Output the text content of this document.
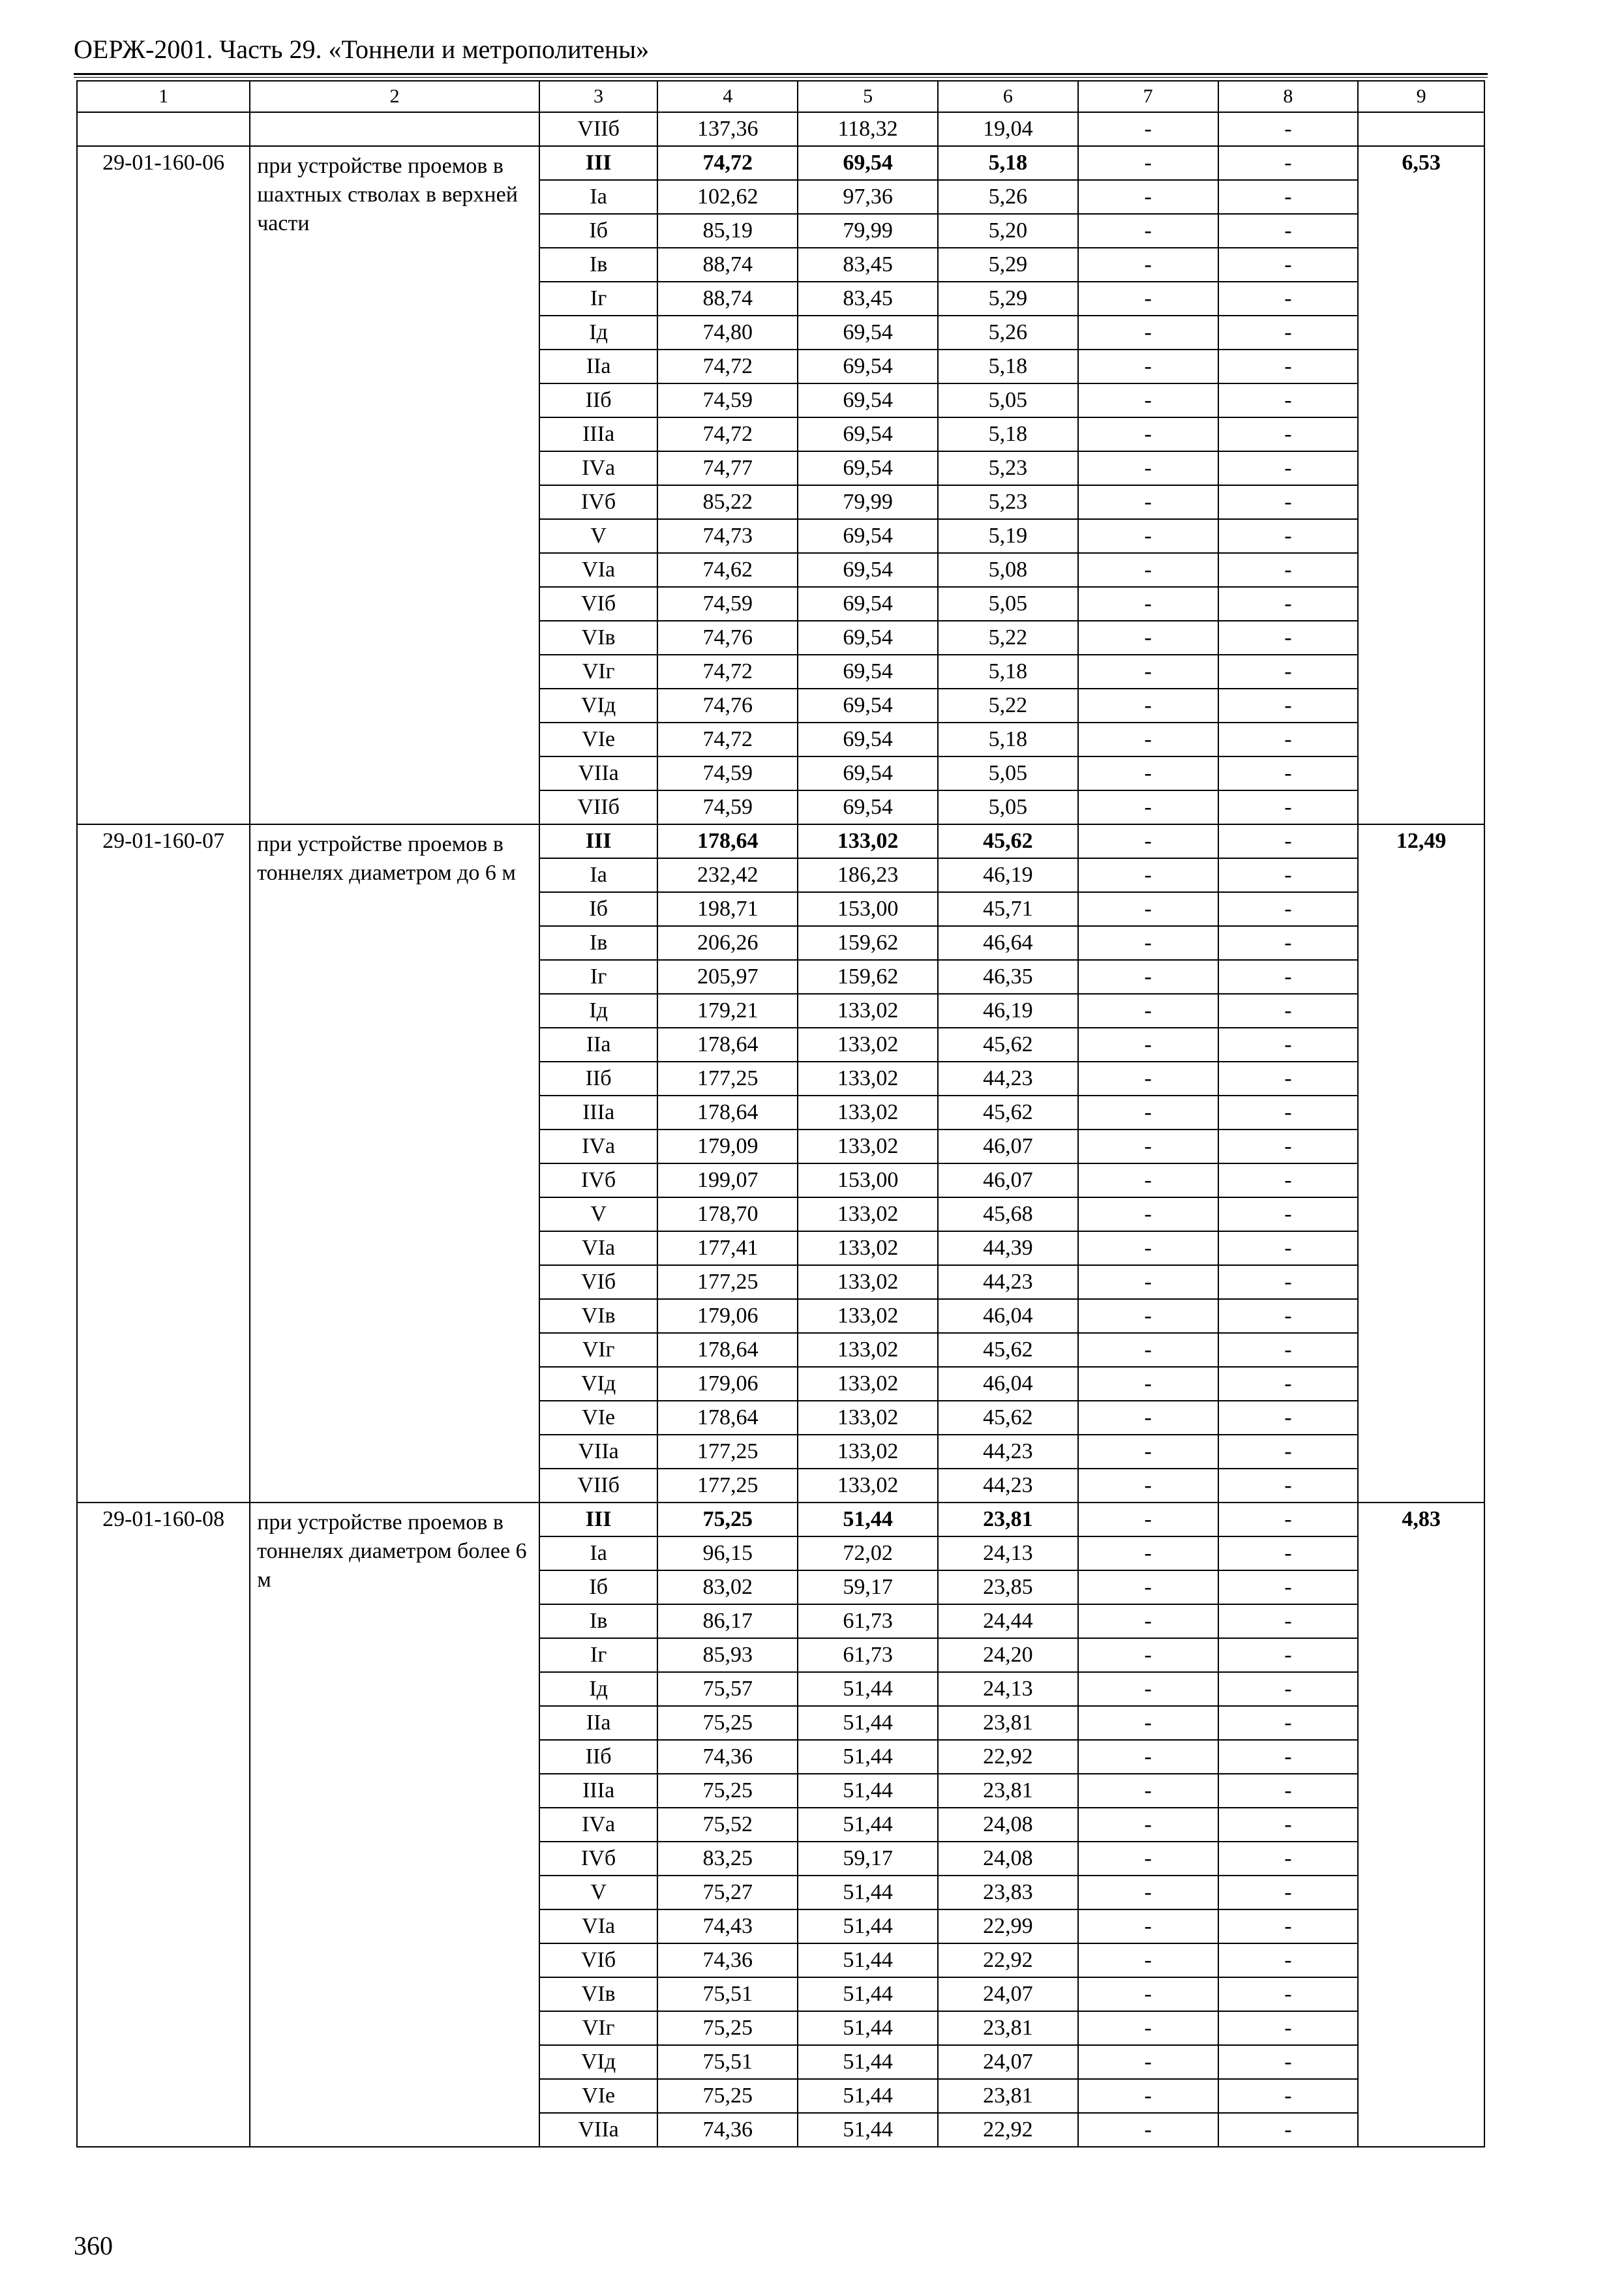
ОЕРЖ-2001. Часть 29. «Тоннели и метрополитены»
1	2	3	4	5	6	7	8	9
		VIIб	137,36	118,32	19,04	-	-	
29-01-160-06	при устройстве проемов в шахтных стволах в верхней части	III	74,72	69,54	5,18	-	-	6,53
		Iа	102,62	97,36	5,26	-	-	
		Iб	85,19	79,99	5,20	-	-	
		Iв	88,74	83,45	5,29	-	-	
		Iг	88,74	83,45	5,29	-	-	
		Iд	74,80	69,54	5,26	-	-	
		IIа	74,72	69,54	5,18	-	-	
		IIб	74,59	69,54	5,05	-	-	
		IIIа	74,72	69,54	5,18	-	-	
		IVа	74,77	69,54	5,23	-	-	
		IVб	85,22	79,99	5,23	-	-	
		V	74,73	69,54	5,19	-	-	
		VIа	74,62	69,54	5,08	-	-	
		VIб	74,59	69,54	5,05	-	-	
		VIв	74,76	69,54	5,22	-	-	
		VIг	74,72	69,54	5,18	-	-	
		VIд	74,76	69,54	5,22	-	-	
		VIе	74,72	69,54	5,18	-	-	
		VIIа	74,59	69,54	5,05	-	-	
		VIIб	74,59	69,54	5,05	-	-	
29-01-160-07	при устройстве проемов в тоннелях диаметром до 6 м	III	178,64	133,02	45,62	-	-	12,49
		Iа	232,42	186,23	46,19	-	-	
		Iб	198,71	153,00	45,71	-	-	
		Iв	206,26	159,62	46,64	-	-	
		Iг	205,97	159,62	46,35	-	-	
		Iд	179,21	133,02	46,19	-	-	
		IIа	178,64	133,02	45,62	-	-	
		IIб	177,25	133,02	44,23	-	-	
		IIIа	178,64	133,02	45,62	-	-	
		IVа	179,09	133,02	46,07	-	-	
		IVб	199,07	153,00	46,07	-	-	
		V	178,70	133,02	45,68	-	-	
		VIа	177,41	133,02	44,39	-	-	
		VIб	177,25	133,02	44,23	-	-	
		VIв	179,06	133,02	46,04	-	-	
		VIг	178,64	133,02	45,62	-	-	
		VIд	179,06	133,02	46,04	-	-	
		VIе	178,64	133,02	45,62	-	-	
		VIIа	177,25	133,02	44,23	-	-	
		VIIб	177,25	133,02	44,23	-	-	
29-01-160-08	при устройстве проемов в тоннелях диаметром более 6 м	III	75,25	51,44	23,81	-	-	4,83
		Iа	96,15	72,02	24,13	-	-	
		Iб	83,02	59,17	23,85	-	-	
		Iв	86,17	61,73	24,44	-	-	
		Iг	85,93	61,73	24,20	-	-	
		Iд	75,57	51,44	24,13	-	-	
		IIа	75,25	51,44	23,81	-	-	
		IIб	74,36	51,44	22,92	-	-	
		IIIа	75,25	51,44	23,81	-	-	
		IVа	75,52	51,44	24,08	-	-	
		IVб	83,25	59,17	24,08	-	-	
		V	75,27	51,44	23,83	-	-	
		VIа	74,43	51,44	22,99	-	-	
		VIб	74,36	51,44	22,92	-	-	
		VIв	75,51	51,44	24,07	-	-	
		VIг	75,25	51,44	23,81	-	-	
		VIд	75,51	51,44	24,07	-	-	
		VIе	75,25	51,44	23,81	-	-	
		VIIа	74,36	51,44	22,92	-	-	
360
